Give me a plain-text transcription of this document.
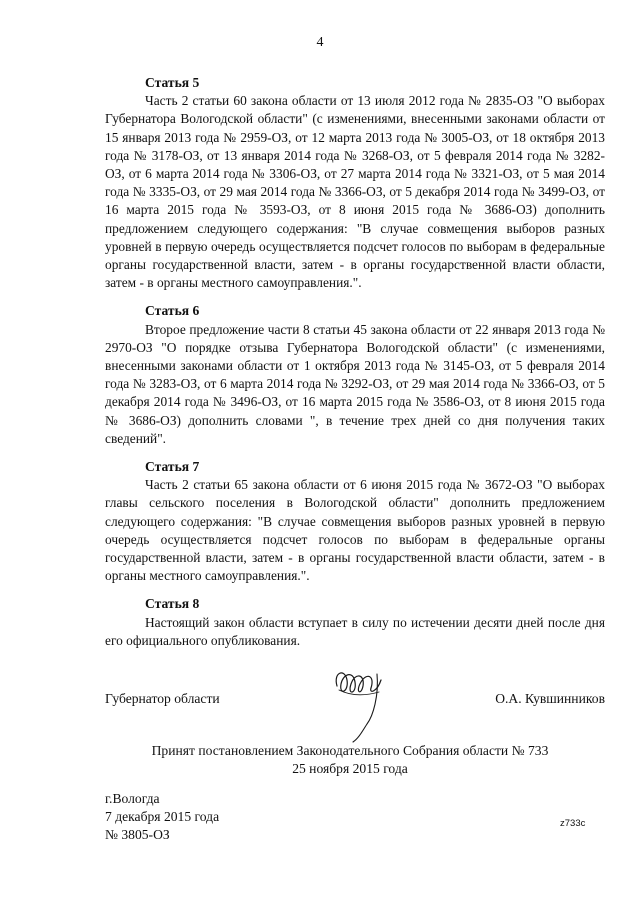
4

Статья 5

Часть 2 статьи 60 закона области от 13 июля 2012 года № 2835-ОЗ "О выборах Губернатора Вологодской области" (с изменениями, внесенными законами области от 15 января 2013 года № 2959-ОЗ, от 12 марта 2013 года № 3005-ОЗ, от 18 октября 2013 года № 3178-ОЗ, от 13 января 2014 года № 3268-ОЗ, от 5 февраля 2014 года № 3282-ОЗ, от 6 марта 2014 года № 3306-ОЗ, от 27 марта 2014 года № 3321-ОЗ, от 5 мая 2014 года № 3335-ОЗ, от 29 мая 2014 года № 3366-ОЗ, от 5 декабря 2014 года № 3499-ОЗ, от 16 марта 2015 года № 3593-ОЗ, от 8 июня 2015 года № 3686-ОЗ) дополнить предложением следующего содержания: "В случае совмещения выборов разных уровней в первую очередь осуществляется подсчет голосов по выборам в федеральные органы государственной власти, затем - в органы государственной власти области, затем - в органы местного самоуправления.".

Статья 6

Второе предложение части 8 статьи 45 закона области от 22 января 2013 года № 2970-ОЗ "О порядке отзыва Губернатора Вологодской области" (с изменениями, внесенными законами области от 1 октября 2013 года № 3145-ОЗ, от 5 февраля 2014 года № 3283-ОЗ, от 6 марта 2014 года № 3292-ОЗ, от 29 мая 2014 года № 3366-ОЗ, от 5 декабря 2014 года № 3496-ОЗ, от 16 марта 2015 года № 3586-ОЗ, от 8 июня 2015 года № 3686-ОЗ) дополнить словами ", в течение трех дней со дня получения таких сведений".

Статья 7

Часть 2 статьи 65 закона области от 6 июня 2015 года № 3672-ОЗ "О выборах главы сельского поселения в Вологодской области" дополнить предложением следующего содержания: "В случае совмещения выборов разных уровней в первую очередь осуществляется подсчет голосов по выборам в федеральные органы государственной власти, затем - в органы государственной власти области, затем - в органы местного самоуправления.".

Статья 8

Настоящий закон области вступает в силу по истечении десяти дней после дня его официального опубликования.

Губернатор области	О.А. Кувшинников
Принят постановлением Законодательного Собрания области № 733
25 ноября 2015 года
г.Вологда
7 декабря 2015 года
№ 3805-ОЗ
z733c
